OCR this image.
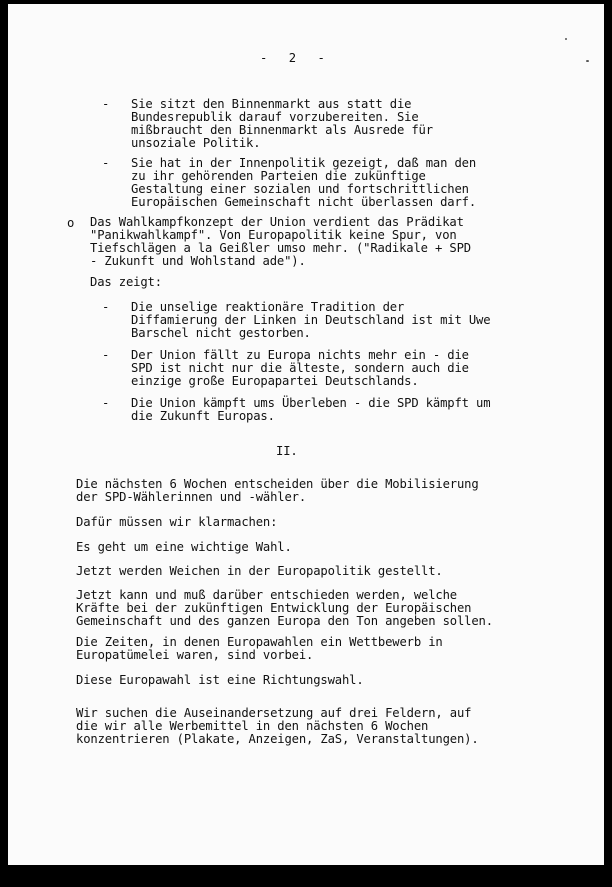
-   2   -
- Sie sitzt den Binnenmarkt aus statt die
Bundesrepublik darauf vorzubereiten. Sie
mißbraucht den Binnenmarkt als Ausrede für
unsoziale Politik.
- Sie hat in der Innenpolitik gezeigt, daß man den
zu ihr gehörenden Parteien die zukünftige
Gestaltung einer sozialen und fortschrittlichen
Europäischen Gemeinschaft nicht überlassen darf.
o Das Wahlkampfkonzept der Union verdient das Prädikat
"Panikwahlkampf". Von Europapolitik keine Spur, von
Tiefschlägen a la Geißler umso mehr. ("Radikale + SPD
- Zukunft und Wohlstand ade").
Das zeigt:
- Die unselige reaktionäre Tradition der
Diffamierung der Linken in Deutschland ist mit Uwe
Barschel nicht gestorben.
- Der Union fällt zu Europa nichts mehr ein - die
SPD ist nicht nur die älteste, sondern auch die
einzige große Europapartei Deutschlands.
- Die Union kämpft ums Überleben - die SPD kämpft um
die Zukunft Europas.
II.
Die nächsten 6 Wochen entscheiden über die Mobilisierung
der SPD-Wählerinnen und -wähler.
Dafür müssen wir klarmachen:
Es geht um eine wichtige Wahl.
Jetzt werden Weichen in der Europapolitik gestellt.
Jetzt kann und muß darüber entschieden werden, welche
Kräfte bei der zukünftigen Entwicklung der Europäischen
Gemeinschaft und des ganzen Europa den Ton angeben sollen.
Die Zeiten, in denen Europawahlen ein Wettbewerb in
Europatümelei waren, sind vorbei.
Diese Europawahl ist eine Richtungswahl.
Wir suchen die Auseinandersetzung auf drei Feldern, auf
die wir alle Werbemittel in den nächsten 6 Wochen
konzentrieren (Plakate, Anzeigen, ZaS, Veranstaltungen).
